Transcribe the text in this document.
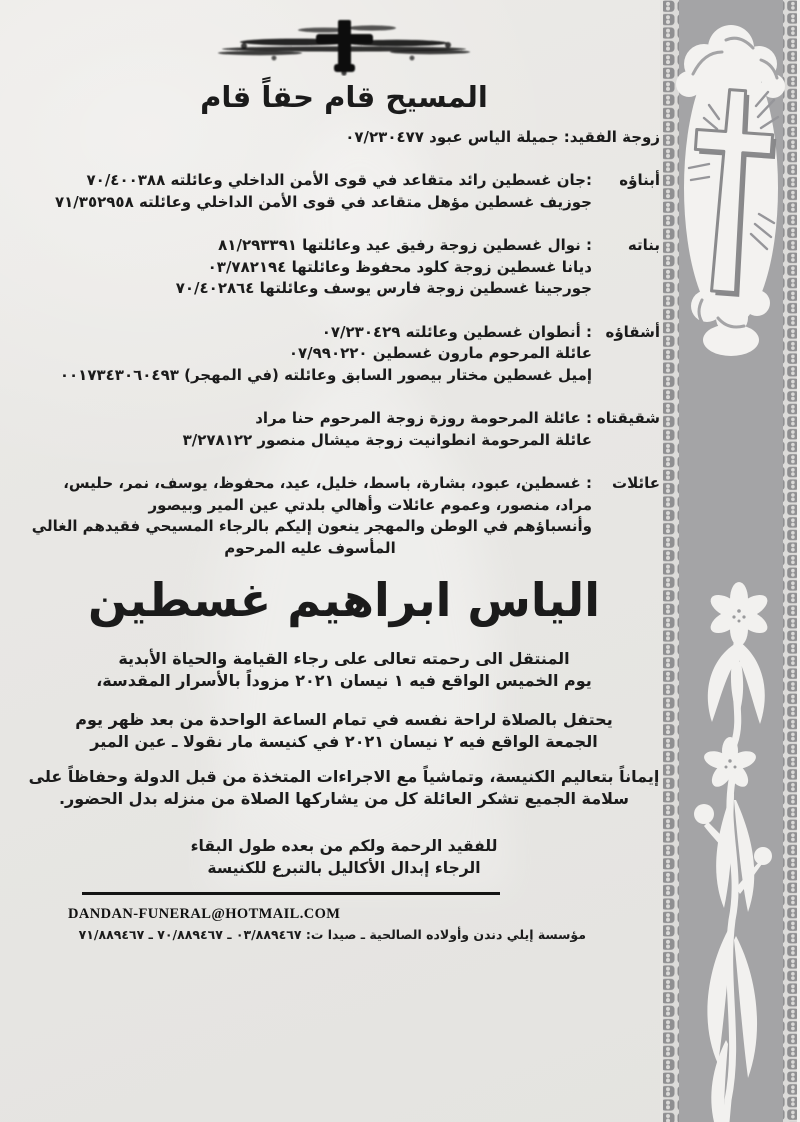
المسيح قام حقاً قام
زوجة الفقيد: جميلة الياس عبود ٠٧/٢٣٠٤٧٧
أبناؤه
:جان غسطين رائد متقاعد في قوى الأمن الداخلي وعائلته ٧٠/٤٠٠٣٨٨
جوزيف غسطين مؤهل متقاعد في قوى الأمن الداخلي وعائلته ٧١/٣٥٢٩٥٨
بناته
: نوال غسطين زوجة رفيق عيد وعائلتها ٨١/٢٩٣٣٩١
ديانا غسطين زوجة كلود محفوظ وعائلتها ٠٣/٧٨٢١٩٤
جورجينا غسطين زوجة فارس يوسف وعائلتها ٧٠/٤٠٢٨٦٤
أشقاؤه
: أنطوان غسطين وعائلته ٠٧/٢٣٠٤٢٩
عائلة المرحوم مارون غسطين ٠٧/٩٩٠٢٢٠
إميل غسطين مختار بيصور السابق وعائلته (في المهجر) ٠٠١٧٣٤٣٠٦٠٤٩٣
شقيقتاه
: عائلة المرحومة روزة زوجة المرحوم حنا مراد
عائلة المرحومة انطوانيت زوجة ميشال منصور ٣/٢٧٨١٢٢
عائلات
: غسطين، عبود، بشارة، باسط، خليل، عيد، محفوظ، يوسف، نمر، حليس،
مراد، منصور، وعموم عائلات وأهالي بلدتي عين المير وبيصور
وأنسباؤهم في الوطن والمهجر ينعون إليكم بالرجاء المسيحي فقيدهم الغالي
المأسوف عليه المرحوم
الياس ابراهيم غسطين
المنتقل الى رحمته تعالى على رجاء القيامة والحياة الأبدية
يوم الخميس الواقع فيه ١ نيسان ٢٠٢١ مزوداً بالأسرار المقدسة،
يحتفل بالصلاة لراحة نفسه في تمام الساعة الواحدة من بعد ظهر يوم
الجمعة الواقع فيه ٢ نيسان ٢٠٢١ في كنيسة مار نقولا ـ عين المير
إيماناً بتعاليم الكنيسة، وتماشياً مع الاجراءات المتخذة من قبل الدولة وحفاظاً على
سلامة الجميع تشكر العائلة كل من يشاركها الصلاة من منزله بدل الحضور.
للفقيد الرحمة ولكم من بعده طول البقاء
الرجاء إبدال الأكاليل بالتبرع للكنيسة
DANDAN-FUNERAL@HOTMAIL.COM
مؤسسة إيلي دندن وأولاده الصالحية ـ صيدا ت: ٠٣/٨٨٩٤٦٧ ـ ٧٠/٨٨٩٤٦٧ ـ ٧١/٨٨٩٤٦٧
